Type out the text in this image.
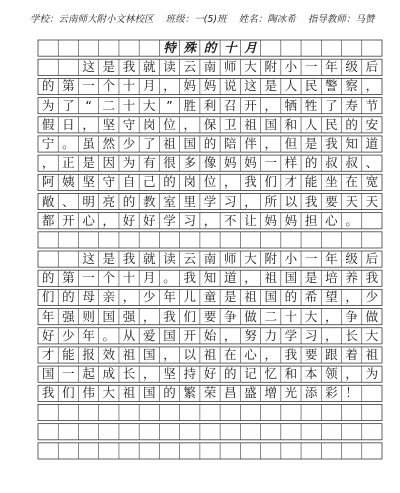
学校：云南师大附小文林校区 班级：一(5)班 姓名：陶冰希 指导教师：马赞
特 殊 的 十 月
这 是 我 就 读 云 南 师 大 附 小 一 年 级 后
的 第 一 个 十 月 ， 妈 妈 说 这 是 人 民 警 察 ，
为 了 “ 二 十 大 ” 胜 利 召 开 ， 牺 牲 了 寿 节
假 日 ， 坚 守 岗 位 ， 保 卫 祖 国 和 人 民 的 安
宁 。 虽 然 少 了 祖 国 的 陪 伴 ， 但 是 我 知 道
， 正 是 因 为 有 很 多 像 妈 妈 一 样 的 叔 叔 、
阿 姨 坚 守 自 己 的 岗 位 ， 我 们 才 能 坐 在 宽
敞 、 明 亮 的 教 室 里 学 习 ， 所 以 我 要 天 天
都 开 心 ， 好 好 学 习 ， 不 让 妈 妈 担 心 。
这 是 我 就 读 云 南 师 大 附 小 一 年 级 后
的 第 一 个 十 月 。 我 知 道 ， 祖 国 是 培 养 我
们 的 母 亲 ， 少 年 儿 童 是 祖 国 的 希 望 ， 少
年 强 则 国 强 ， 我 们 要 争 做 二 十 大 ， 争 做
好 少 年 。 从 爱 国 开 始 ， 努 力 学 习 ， 长 大
才 能 报 效 祖 国 ， 以 祖 在 心 ， 我 要 跟 着 祖
国 一 起 成 长 ， 坚 持 好 的 记 忆 和 本 领 ， 为
我 们 伟 大 祖 国 的 繁 荣 昌 盛 增 光 添 彩 ！
